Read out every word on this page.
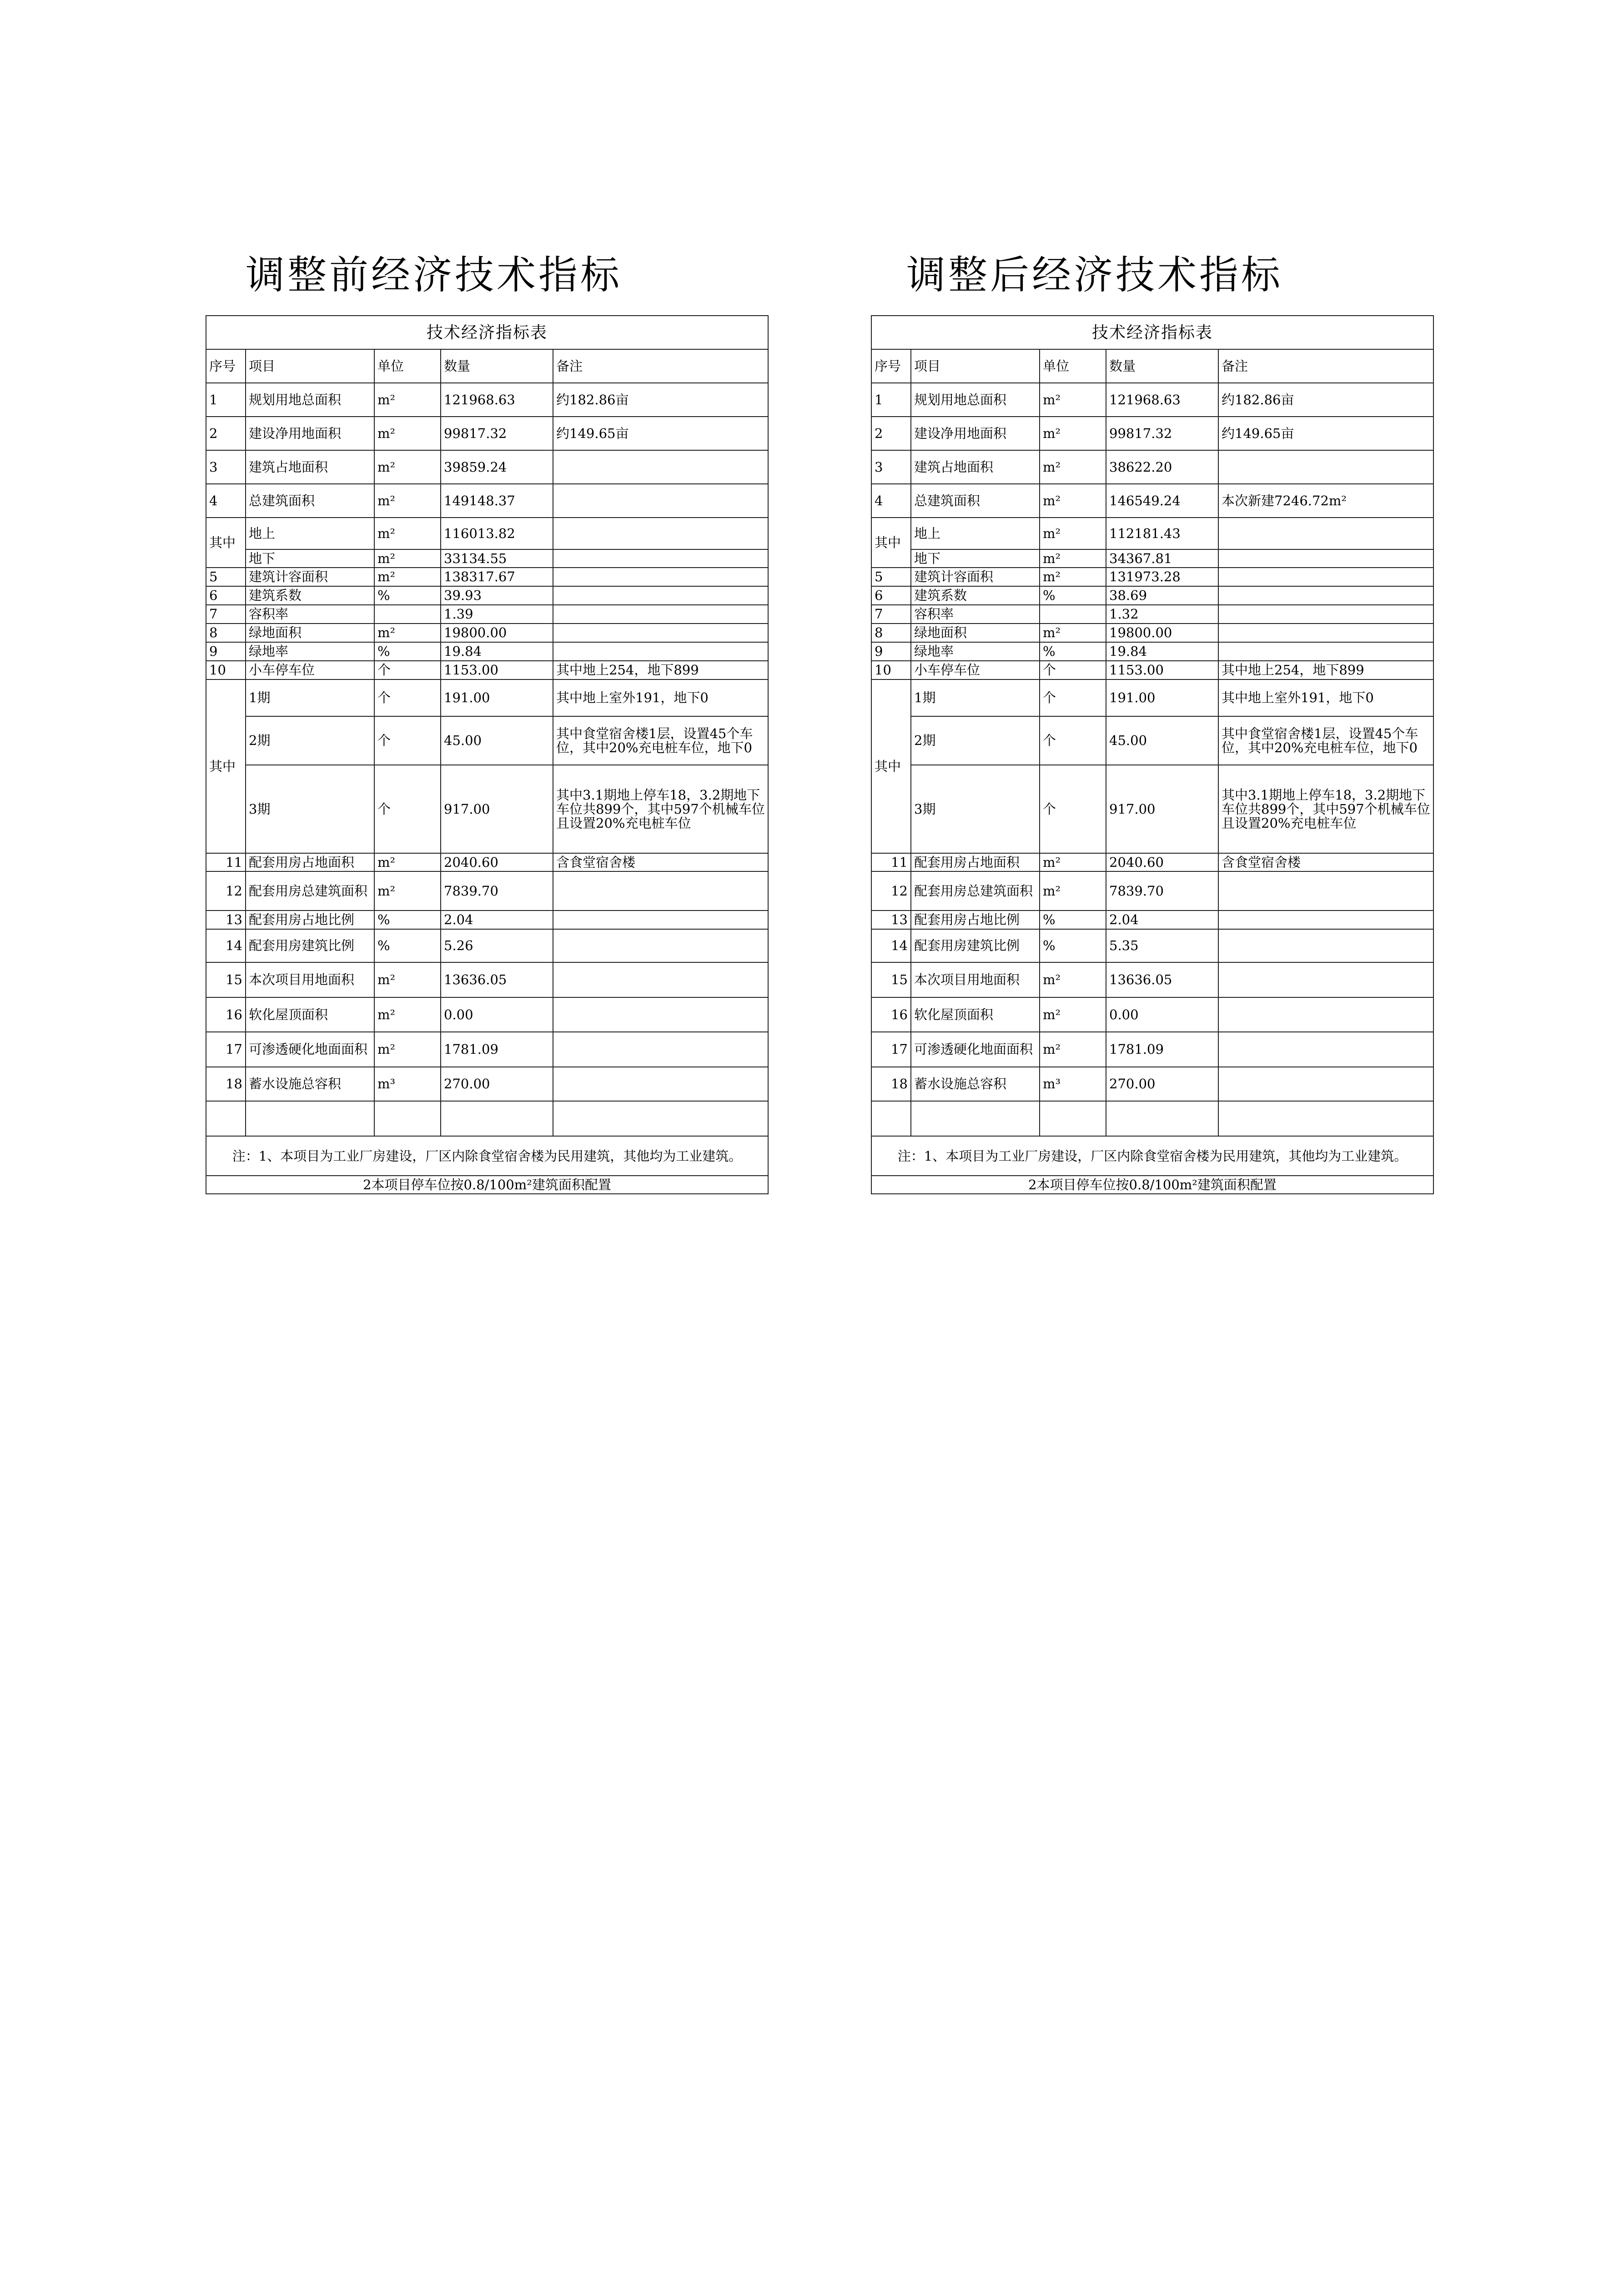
调整前经济技术指标	调整后经济技术指标
技术经济指标表				
序号	项目	单位	数量	备注
1	规划用地总面积	m²	121968.63	约182.86亩
2	建设净用地面积	m²	99817.32	约149.65亩
3	建筑占地面积	m²	39859.24	
4	总建筑面积	m²	149148.37	
其中	地上	m²	116013.82	
	地下	m²	33134.55	
5	建筑计容面积	m²	138317.67	
6	建筑系数	%	39.93	
7	容积率		1.39	
8	绿地面积	m²	19800.00	
9	绿地率	%	19.84	
10	小车停车位	个	1153.00	其中地上254，地下899
其中	1期	个	191.00	其中地上室外191，地下0
	2期	个	45.00	其中食堂宿舍楼1层，设置45个车位，其中20%充电桩车位，地下0
	3期	个	917.00	其中3.1期地上停车18，3.2期地下车位共899个，其中597个机械车位且设置20%充电桩车位
11	配套用房占地面积	m²	2040.60	含食堂宿舍楼
12	配套用房总建筑面积	m²	7839.70	
13	配套用房占地比例	%	2.04	
14	配套用房建筑比例	%	5.26	
15	本次项目用地面积	m²	13636.05	
16	软化屋顶面积	m²	0.00	
17	可渗透硬化地面面积	m²	1781.09	
18	蓄水设施总容积	m³	270.00	

注：1、本项目为工业厂房建设，厂区内除食堂宿舍楼为民用建筑，其他均为工业建筑。				
2本项目停车位按0.8/100m²建筑面积配置				
技术经济指标表				
序号	项目	单位	数量	备注
1	规划用地总面积	m²	121968.63	约182.86亩
2	建设净用地面积	m²	99817.32	约149.65亩
3	建筑占地面积	m²	38622.20	
4	总建筑面积	m²	146549.24	本次新建7246.72m²
其中	地上	m²	112181.43	
	地下	m²	34367.81	
5	建筑计容面积	m²	131973.28	
6	建筑系数	%	38.69	
7	容积率		1.32	
8	绿地面积	m²	19800.00	
9	绿地率	%	19.84	
10	小车停车位	个	1153.00	其中地上254，地下899
其中	1期	个	191.00	其中地上室外191，地下0
	2期	个	45.00	其中食堂宿舍楼1层，设置45个车位，其中20%充电桩车位，地下0
	3期	个	917.00	其中3.1期地上停车18，3.2期地下车位共899个，其中597个机械车位且设置20%充电桩车位
11	配套用房占地面积	m²	2040.60	含食堂宿舍楼
12	配套用房总建筑面积	m²	7839.70	
13	配套用房占地比例	%	2.04	
14	配套用房建筑比例	%	5.35	
15	本次项目用地面积	m²	13636.05	
16	软化屋顶面积	m²	0.00	
17	可渗透硬化地面面积	m²	1781.09	
18	蓄水设施总容积	m³	270.00	

注：1、本项目为工业厂房建设，厂区内除食堂宿舍楼为民用建筑，其他均为工业建筑。				
2本项目停车位按0.8/100m²建筑面积配置				
